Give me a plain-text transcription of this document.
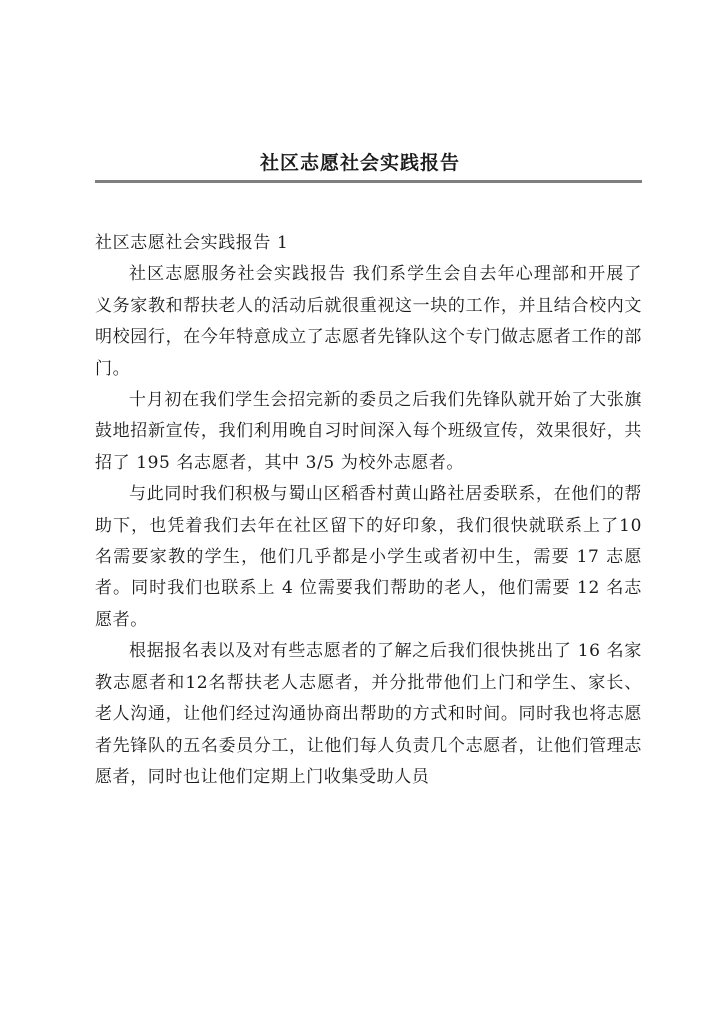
社区志愿社会实践报告

社区志愿社会实践报告 1

社区志愿服务社会实践报告 我们系学生会自去年心理部和开展了义务家教和帮扶老人的活动后就很重视这一块的工作，并且结合校内文明校园行，在今年特意成立了志愿者先锋队这个专门做志愿者工作的部门。

十月初在我们学生会招完新的委员之后我们先锋队就开始了大张旗鼓地招新宣传，我们利用晚自习时间深入每个班级宣传，效果很好，共招了 195 名志愿者，其中 3/5 为校外志愿者。

与此同时我们积极与蜀山区稻香村黄山路社居委联系，在他们的帮助下，也凭着我们去年在社区留下的好印象，我们很快就联系上了10名需要家教的学生，他们几乎都是小学生或者初中生，需要 17 志愿者。同时我们也联系上 4 位需要我们帮助的老人，他们需要 12 名志愿者。

根据报名表以及对有些志愿者的了解之后我们很快挑出了 16 名家教志愿者和12名帮扶老人志愿者，并分批带他们上门和学生、家长、老人沟通，让他们经过沟通协商出帮助的方式和时间。同时我也将志愿者先锋队的五名委员分工，让他们每人负责几个志愿者，让他们管理志愿者，同时也让他们定期上门收集受助人员
